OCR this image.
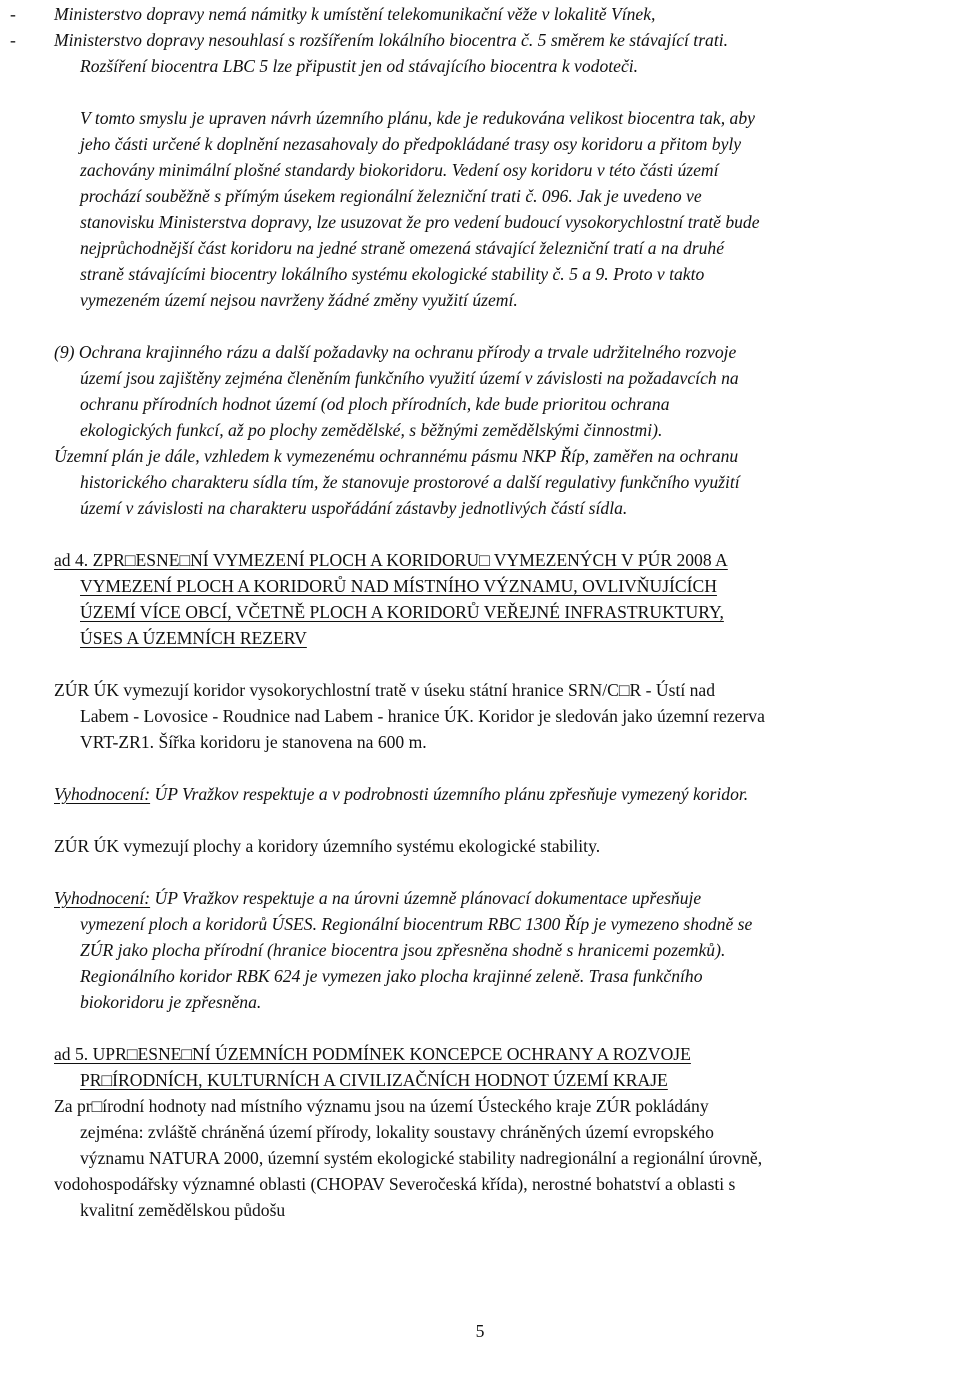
- Ministerstvo dopravy nemá námitky k umístění telekomunikační věže v lokalitě Vínek,
- Ministerstvo dopravy nesouhlasí s rozšířením lokálního biocentra č. 5 směrem ke stávající trati.
Rozšíření biocentra LBC 5 lze připustit jen od stávajícího biocentra k vodoteči.
V tomto smyslu je upraven návrh územního plánu, kde je redukována velikost biocentra tak, aby
jeho části určené k doplnění nezasahovaly do předpokládané trasy osy koridoru a přitom byly
zachovány minimální plošné standardy biokoridoru. Vedení osy koridoru v této části území
prochází souběžně s přímým úsekem regionální železniční trati č. 096. Jak je uvedeno ve
stanovisku Ministerstva dopravy, lze usuzovat že pro vedení budoucí vysokorychlostní tratě bude
nejprůchodnější část koridoru na jedné straně omezená stávající železniční tratí a na druhé
straně stávajícími biocentry lokálního systému ekologické stability č. 5 a 9. Proto v takto
vymezeném území nejsou navrženy žádné změny využití území.
(9) Ochrana krajinného rázu a další požadavky na ochranu přírody a trvale udržitelného rozvoje
území jsou zajištěny zejména členěním funkčního využití území v závislosti na požadavcích na
ochranu přírodních hodnot území (od ploch přírodních, kde bude prioritou ochrana
ekologických funkcí, až po plochy zemědělské, s běžnými zemědělskými činnostmi).
Územní plán je dále, vzhledem k vymezenému ochrannému pásmu NKP Říp, zaměřen na ochranu
historického charakteru sídla tím, že stanovuje prostorové a další regulativy funkčního využití
území v závislosti na charakteru uspořádání zástavby jednotlivých částí sídla.
ad 4. ZPR□ESNE□NÍ VYMEZENÍ PLOCH A KORIDORU□ VYMEZENÝCH V PÚR 2008 A
VYMEZENÍ PLOCH A KORIDORŮ NAD MÍSTNÍHO VÝZNAMU, OVLIVŇUJÍCÍCH
ÚZEMÍ VÍCE OBCÍ, VČETNĚ PLOCH A KORIDORŮ VEŘEJNÉ INFRASTRUKTURY,
ÚSES A ÚZEMNÍCH REZERV
ZÚR ÚK vymezují koridor vysokorychlostní tratě v úseku státní hranice SRN/C□R - Ústí nad
Labem - Lovosice - Roudnice nad Labem - hranice ÚK. Koridor je sledován jako územní rezerva
VRT-ZR1. Šířka koridoru je stanovena na 600 m.
Vyhodnocení: ÚP Vražkov respektuje a v podrobnosti územního plánu zpřesňuje vymezený koridor.
ZÚR ÚK vymezují plochy a koridory územního systému ekologické stability.
Vyhodnocení: ÚP Vražkov respektuje a na úrovni územně plánovací dokumentace upřesňuje
vymezení ploch a koridorů ÚSES. Regionální biocentrum RBC 1300 Říp je vymezeno shodně se
ZÚR jako plocha přírodní (hranice biocentra jsou zpřesněna shodně s hranicemi pozemků).
Regionálního koridor RBK 624 je vymezen jako plocha krajinné zeleně. Trasa funkčního
biokoridoru je zpřesněna.
ad 5. UPR□ESNE□NÍ ÚZEMNÍCH PODMÍNEK KONCEPCE OCHRANY A ROZVOJE
PR□ÍRODNÍCH, KULTURNÍCH A CIVILIZAČNÍCH HODNOT ÚZEMÍ KRAJE
Za pr□írodní hodnoty nad místního významu jsou na území Ústeckého kraje ZÚR pokládány
zejména: zvláště chráněná území přírody, lokality soustavy chráněných území evropského
významu NATURA 2000, územní systém ekologické stability nadregionální a regionální úrovně,
vodohospodářsky významné oblasti (CHOPAV Severočeská křída), nerostné bohatství a oblasti s
kvalitní zemědělskou půdošu
5
